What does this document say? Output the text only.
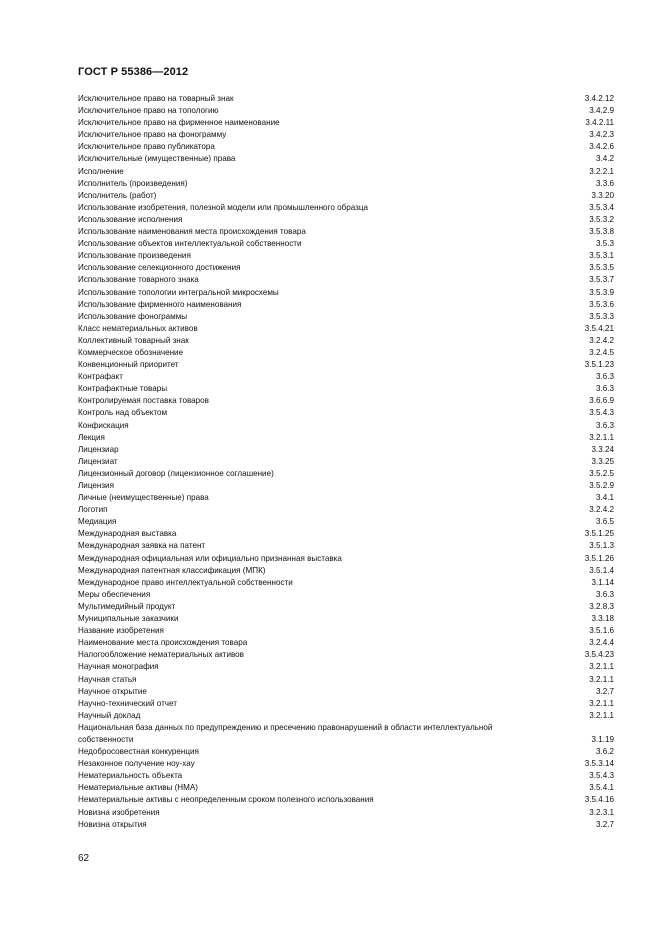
ГОСТ Р 55386—2012
Исключительное право на товарный знак	3.4.2.12
Исключительное право на топологию	3.4.2.9
Исключительное право на фирменное наименование	3.4.2.11
Исключительное право на фонограмму	3.4.2.3
Исключительное право публикатора	3.4.2.6
Исключительные (имущественные) права	3.4.2
Исполнение	3.2.2.1
Исполнитель (произведения)	3.3.6
Исполнитель (работ)	3.3.20
Использование изобретения, полезной модели или промышленного образца	3.5.3.4
Использование исполнения	3.5.3.2
Использование наименования места происхождения товара	3.5.3.8
Использование объектов интеллектуальной собственности	3.5.3
Использование произведения	3.5.3.1
Использование селекционного достижения	3.5.3.5
Использование товарного знака	3.5.3.7
Использование топологии интегральной микросхемы	3.5.3.9
Использование фирменного наименования	3.5.3.6
Использование фонограммы	3.5.3.3
Класс нематериальных активов	3.5.4.21
Коллективный товарный знак	3.2.4.2
Коммерческое обозначение	3.2.4.5
Конвенционный приоритет	3.5.1.23
Контрафакт	3.6.3
Контрафактные товары	3.6.3
Контролируемая поставка товаров	3.6.6.9
Контроль над объектом	3.5.4.3
Конфискация	3.6.3
Лекция	3.2.1.1
Лицензиар	3.3.24
Лицензиат	3.3.25
Лицензионный договор (лицензионное соглашение)	3.5.2.5
Лицензия	3.5.2.9
Личные (неимущественные) права	3.4.1
Логотип	3.2.4.2
Медиация	3.6.5
Международная выставка	3.5.1.25
Международная заявка на патент	3.5.1.3
Международная официальная или официально признанная выставка	3.5.1.26
Международная патентная классификация (МПК)	3.5.1.4
Международное право интеллектуальной собственности	3.1.14
Меры обеспечения	3.6.3
Мультимедийный продукт	3.2.8.3
Муниципальные заказчики	3.3.18
Название изобретения	3.5.1.6
Наименование места происхождения товара	3.2.4.4
Налогообложение нематериальных активов	3.5.4.23
Научная монография	3.2.1.1
Научная статья	3.2.1.1
Научное открытие	3.2.7
Научно-технический отчет	3.2.1.1
Научный доклад	3.2.1.1
Национальная база данных по предупреждению и пресечению правонарушений в области интеллектуальной собственности	3.1.19
Недобросовестная конкуренция	3.6.2
Незаконное получение ноу-хау	3.5.3.14
Нематериальность объекта	3.5.4.3
Нематериальные активы (НМА)	3.5.4.1
Нематериальные активы с неопределенным сроком полезного использования	3.5.4.16
Новизна изобретения	3.2.3.1
Новизна открытия	3.2.7
62
